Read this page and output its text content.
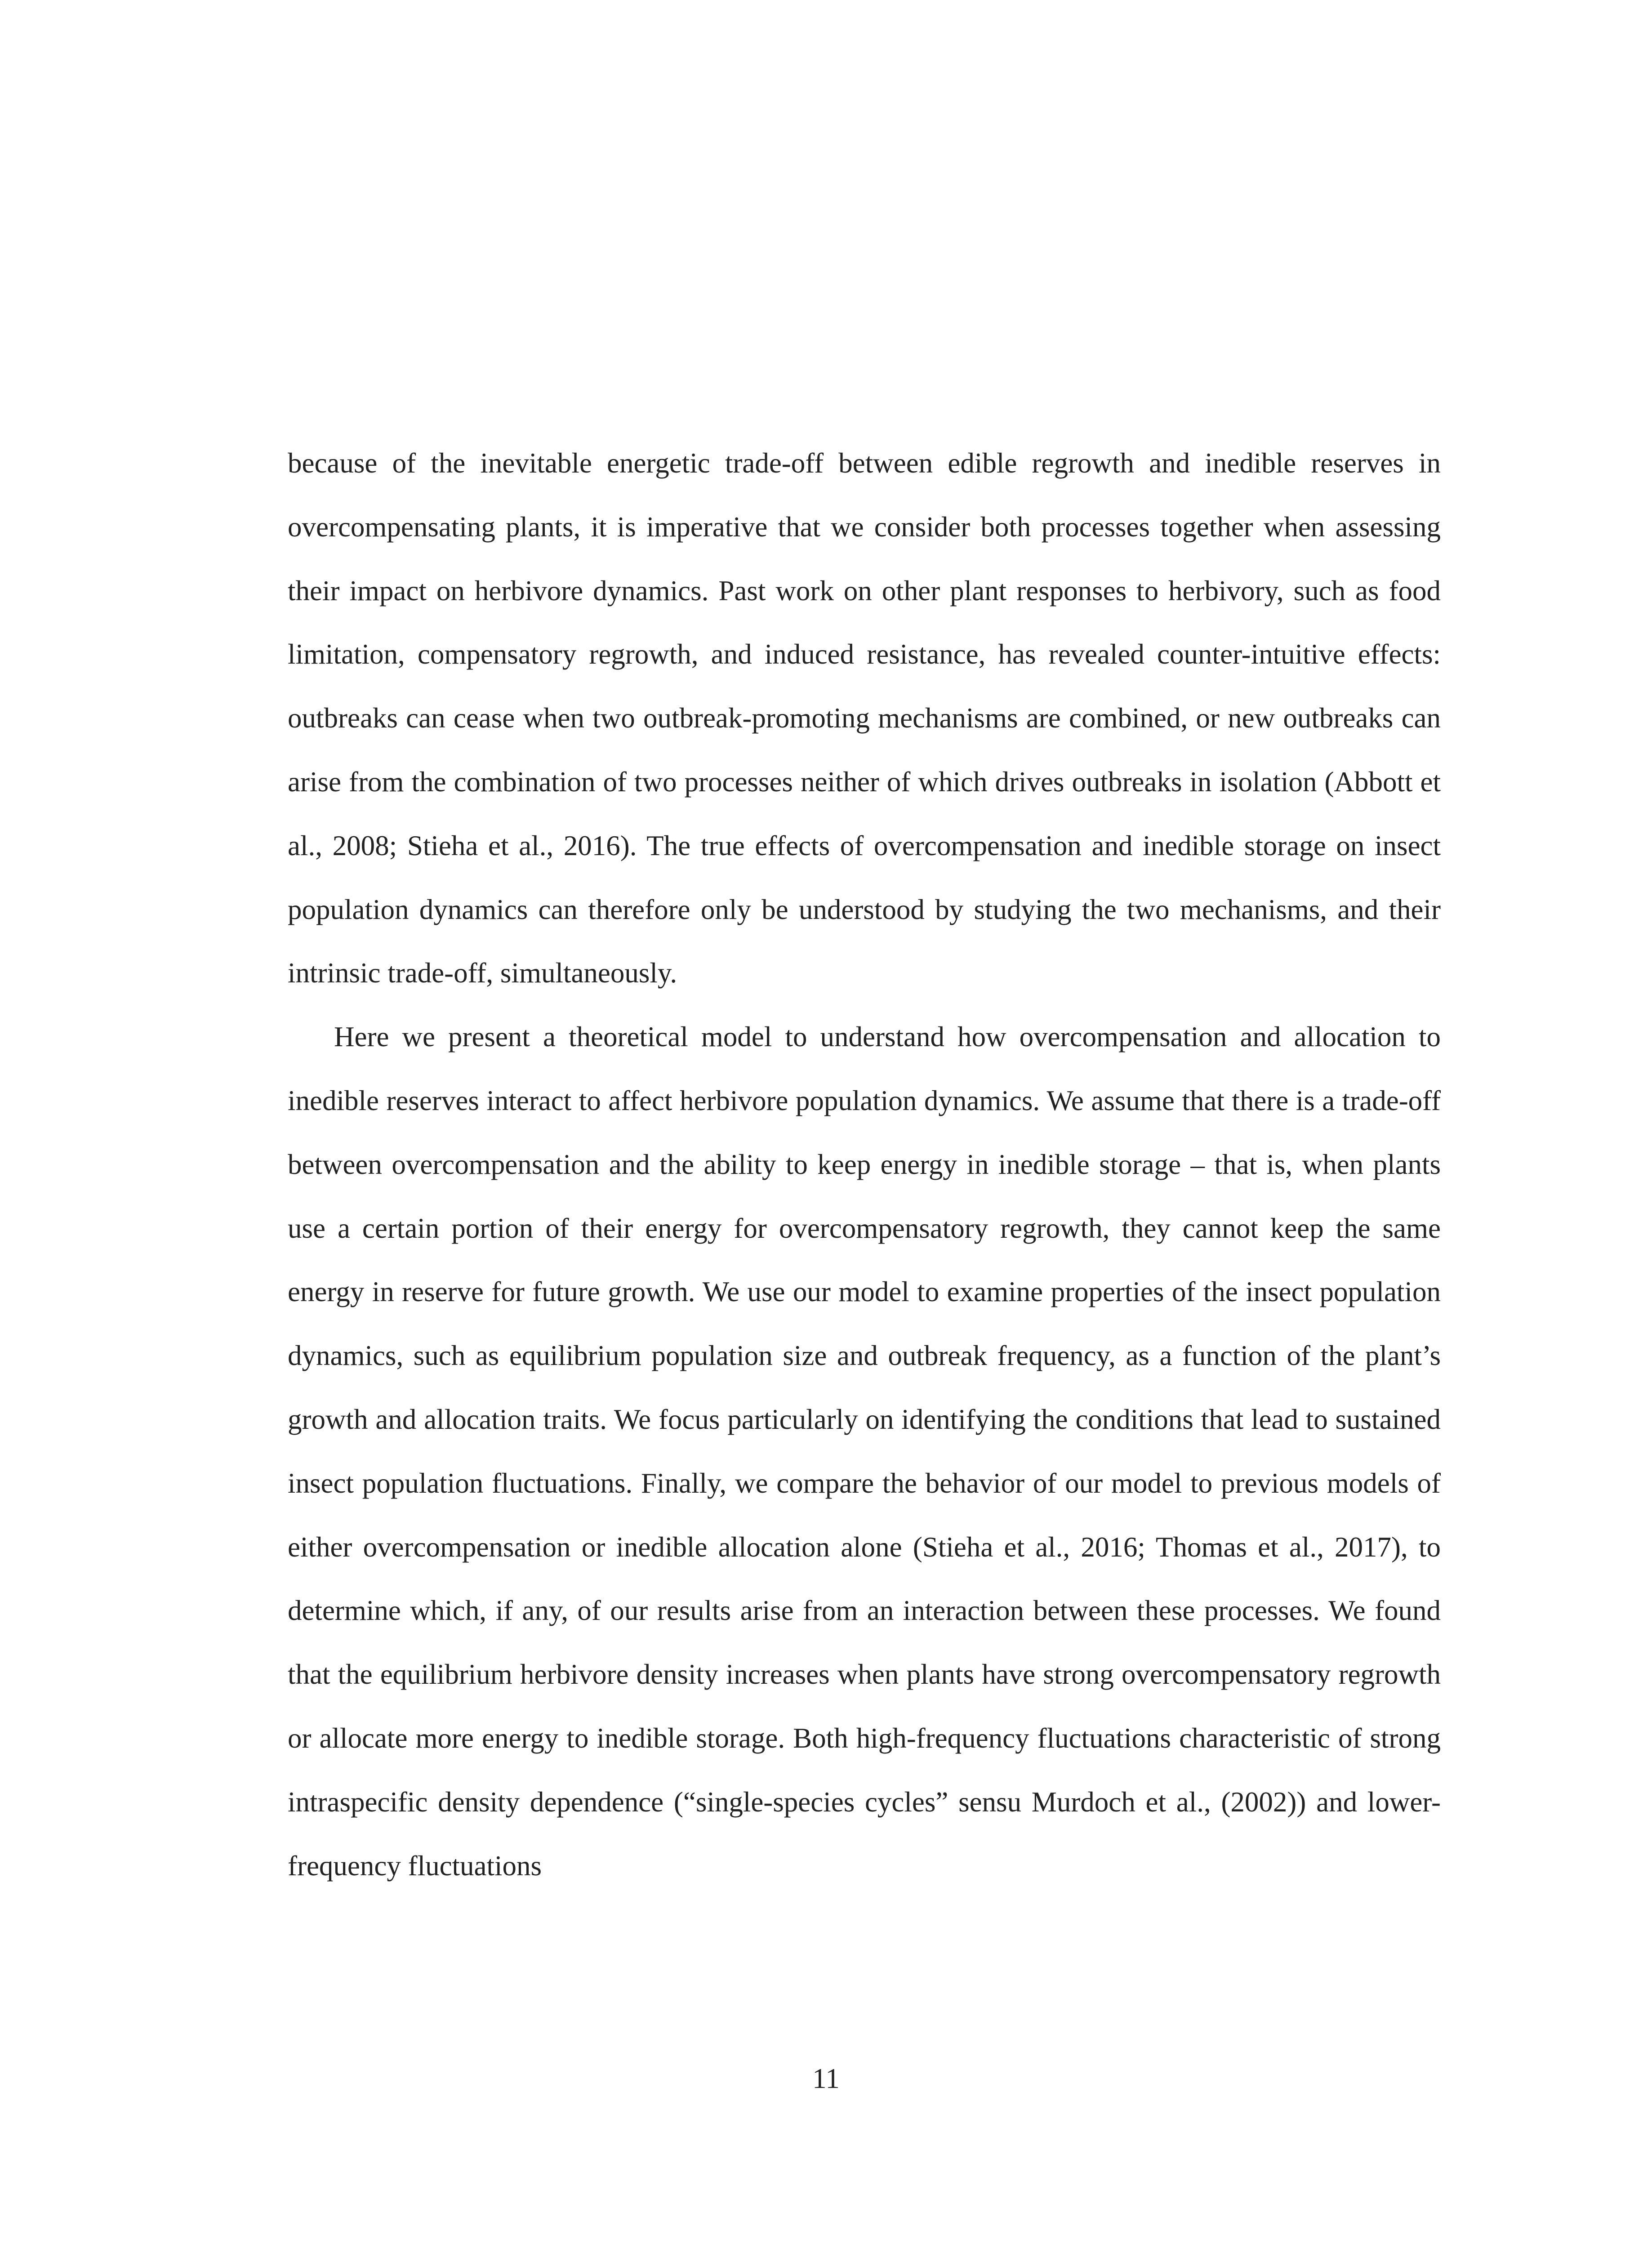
because of the inevitable energetic trade-off between edible regrowth and inedible reserves in overcompensating plants, it is imperative that we consider both processes together when assessing their impact on herbivore dynamics. Past work on other plant responses to herbivory, such as food limitation, compensatory regrowth, and induced resistance, has revealed counter-intuitive effects: outbreaks can cease when two outbreak-promoting mechanisms are combined, or new outbreaks can arise from the combination of two processes neither of which drives outbreaks in isolation (Abbott et al., 2008; Stieha et al., 2016). The true effects of overcompensation and inedible storage on insect population dynamics can therefore only be understood by studying the two mechanisms, and their intrinsic trade-off, simultaneously.

Here we present a theoretical model to understand how overcompensation and allocation to inedible reserves interact to affect herbivore population dynamics. We assume that there is a trade-off between overcompensation and the ability to keep energy in inedible storage – that is, when plants use a certain portion of their energy for overcompensatory regrowth, they cannot keep the same energy in reserve for future growth. We use our model to examine properties of the insect population dynamics, such as equilibrium population size and outbreak frequency, as a function of the plant’s growth and allocation traits. We focus particularly on identifying the conditions that lead to sustained insect population fluctuations. Finally, we compare the behavior of our model to previous models of either overcompensation or inedible allocation alone (Stieha et al., 2016; Thomas et al., 2017), to determine which, if any, of our results arise from an interaction between these processes. We found that the equilibrium herbivore density increases when plants have strong overcompensatory regrowth or allocate more energy to inedible storage. Both high-frequency fluctuations characteristic of strong intraspecific density dependence (“single-species cycles” sensu Murdoch et al., (2002)) and lower-frequency fluctuations

11
